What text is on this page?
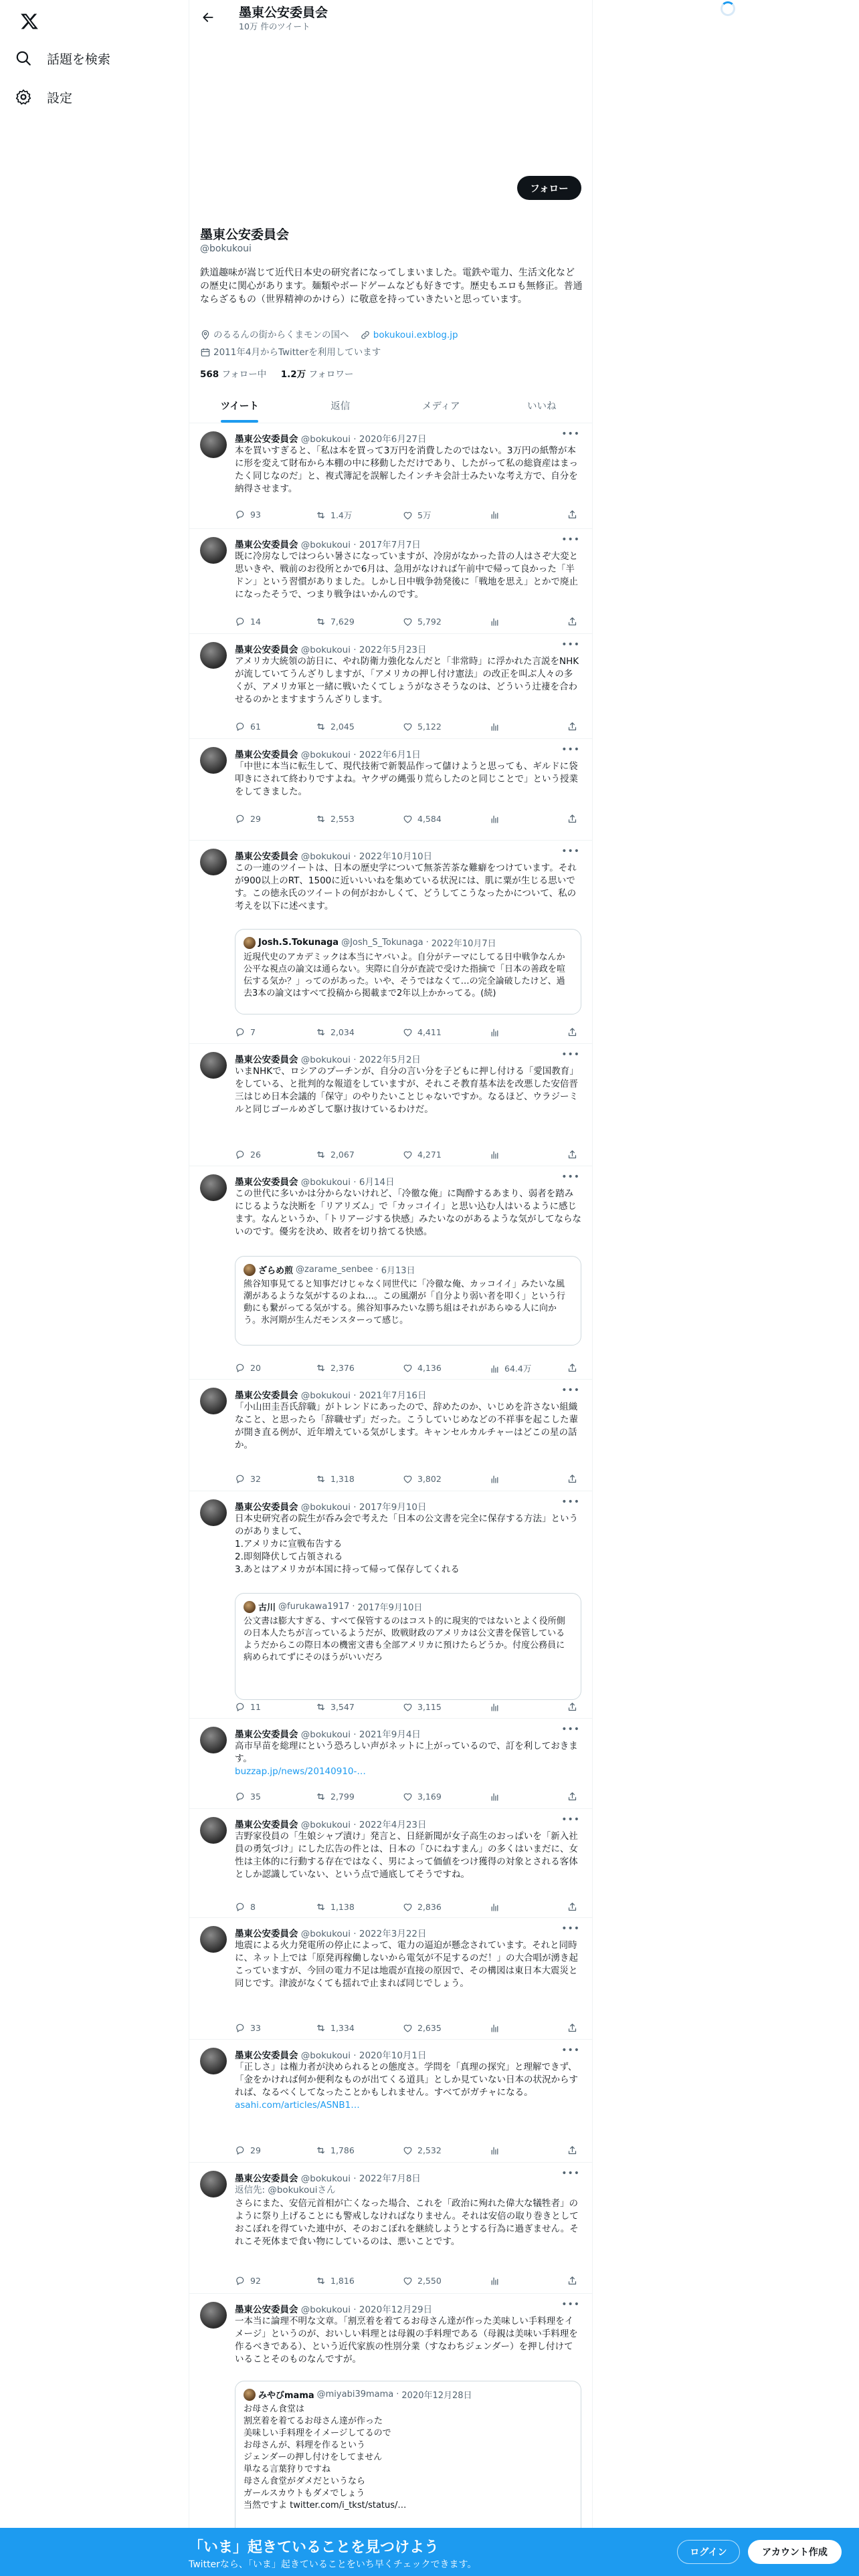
話題を検索
設定
墨東公安委員会
10万 件のツイート
フォロー
墨東公安委員会
@bokukoui
鉄道趣味が嵩じて近代日本史の研究者になってしまいました。電鉄や電力、生活文化などの歴史に関心があります。麺類やボードゲームなども好きです。歴史もエロも無修正。普通ならざるもの（世界精神のかけら）に敬意を持っていきたいと思っています。
のるるんの街からくまモンの国へ
	bokukoui.exblog.jp

2011年4月からTwitterを利用しています
568 フォロー中 1.2万 フォロワー
ツイート	返信	メディア	いいね
墨東公安委員会 @bokukoui · 2020年6月27日	•••
本を買いすぎると、「私は本を買って3万円を消費したのではない。3万円の紙幣が本に形を変えて財布から本棚の中に移動しただけであり、したがって私の総資産はまったく同じなのだ」と、複式簿記を誤解したインチキ会計士みたいな考え方で、自分を納得させます。
93	1.4万	5万
墨東公安委員会 @bokukoui · 2017年7月7日	•••
既に冷房なしではつらい暑さになっていますが、冷房がなかった昔の人はさぞ大変と思いきや、戦前のお役所とかで6月は、急用がなければ午前中で帰って良かった「半ドン」という習慣がありました。しかし日中戦争勃発後に「戦地を思え」とかで廃止になったそうで、つまり戦争はいかんのです。
14	7,629	5,792
墨東公安委員会 @bokukoui · 2022年5月23日	•••
アメリカ大統領の訪日に、やれ防衛力強化なんだと「非常時」に浮かれた言説をNHKが流していてうんざりしますが、「アメリカの押し付け憲法」の改正を叫ぶ人々の多くが、アメリカ軍と一緒に戦いたくてしょうがなさそうなのは、どういう辻褄を合わせるのかとますますうんざりします。
61	2,045	5,122
墨東公安委員会 @bokukoui · 2022年6月1日	•••
「中世に本当に転生して、現代技術で新製品作って儲けようと思っても、ギルドに袋叩きにされて終わりですよね。ヤクザの縄張り荒らしたのと同じことで」という授業をしてきました。
29	2,553	4,584
墨東公安委員会 @bokukoui · 2022年10月10日	•••
この一連のツイートは、日本の歴史学について無茶苦茶な難癖をつけています。それが900以上のRT、1500に近いいいねを集めている状況には、肌に粟が生じる思いです。この徳永氏のツイートの何がおかしくて、どうしてこうなったかについて、私の考えを以下に述べます。
Josh.S.Tokunaga @Josh_S_Tokunaga · 2022年10月7日
近現代史のアカデミックは本当にヤバいよ。自分がテーマにしてる日中戦争なんか公平な視点の論文は通らない。実際に自分が査読で受けた指摘で「日本の善政を喧伝する気か？」ってのがあった。いや、そうではなくて…の完全論破したけど、過去3本の論文はすべて投稿から掲載まで2年以上かかってる。(続)
7	2,034	4,411
墨東公安委員会 @bokukoui · 2022年5月2日	•••
いまNHKで、ロシアのプーチンが、自分の言い分を子どもに押し付ける「愛国教育」をしている、と批判的な報道をしていますが、それこそ教育基本法を改悪した安倍晋三はじめ日本会議的「保守」のやりたいことじゃないですか。なるほど、ウラジーミルと同じゴールめざして駆け抜けているわけだ。
26	2,067	4,271
墨東公安委員会 @bokukoui · 6月14日	•••
この世代に多いかは分からないけれど、「冷徹な俺」に陶酔するあまり、弱者を踏みにじるような決断を「リアリズム」で「カッコイイ」と思い込む人はいるように感じます。なんというか、「トリアージする快感」みたいなのがあるような気がしてならないのです。優劣を決め、敗者を切り捨てる快感。
ざらめ煎 @zarame_senbee · 6月13日
熊谷知事見てると知事だけじゃなく同世代に「冷徹な俺、カッコイイ」みたいな風潮があるような気がするのよね…。この風潮が「自分より弱い者を叩く」という行動にも繋がってる気がする。熊谷知事みたいな勝ち組はそれがあらゆる人に向かう。氷河期が生んだモンスターって感じ。
20	2,376	4,136	64.4万
墨東公安委員会 @bokukoui · 2021年7月16日	•••
「小山田圭吾氏辞職」がトレンドにあったので、辞めたのか、いじめを許さない組織なこと、と思ったら「辞職せず」だった。こうしていじめなどの不祥事を起こした輩が開き直る例が、近年増えている気がします。キャンセルカルチャーはどこの星の話か。
32	1,318	3,802
墨東公安委員会 @bokukoui · 2017年9月10日	•••
日本史研究者の院生が呑み会で考えた「日本の公文書を完全に保存する方法」というのがありまして、
1.アメリカに宣戦布告する
2.即刻降伏して占領される
3.あとはアメリカが本国に持って帰って保存してくれる
古川 @furukawa1917 · 2017年9月10日
公文書は膨大すぎる、すべて保管するのはコスト的に現実的ではないとよく役所側の日本人たちが言っているようだが、敗戦財政のアメリカは公文書を保管しているようだからこの際日本の機密文書も全部アメリカに預けたらどうか。付度公務員に病められてずにそのほうがいいだろ
11	3,547	3,115
墨東公安委員会 @bokukoui · 2021年9月4日	•••
高市早苗を総理にという恐ろしい声がネットに上がっているので、訂を利しておきます。
buzzap.jp/news/20140910-…
35	2,799	3,169
墨東公安委員会 @bokukoui · 2022年4月23日	•••
吉野家役員の「生娘シャブ漬け」発言と、日経新聞が女子高生のおっぱいを「新入社員の勇気づけ」にした広告の件とは、日本の「ひにねすまん」の多くはいまだに、女性は主体的に行動する存在ではなく、男によって価値をつけ獲得の対象とされる客体としか認識していない、という点で通底してそうですね。
8	1,138	2,836
墨東公安委員会 @bokukoui · 2022年3月22日	•••
地震による火力発電所の停止によって、電力の逼迫が懸念されています。それと同時に、ネット上では「原発再稼働しないから電気が不足するのだ！」の大合唱が湧き起こっていますが、今回の電力不足は地震が直接の原因で、その構図は東日本大震災と同じです。津波がなくても揺れで止まれば同じでしょう。
33	1,334	2,635
墨東公安委員会 @bokukoui · 2020年10月1日	•••
「正しさ」は権力者が決められるとの態度さ。学問を「真理の探究」と理解できず、「金をかければ何か便利なものが出てくる道具」としか見ていない日本の状況からすれば、なるべくしてなったことかもしれません。すべてがガチャになる。
asahi.com/articles/ASNB1…
29	1,786	2,532
墨東公安委員会 @bokukoui · 2022年7月8日	•••
返信先: @bokukouiさん
さらにまた、安倍元首相が亡くなった場合、これを「政治に殉れた偉大な犠牲者」のように祭り上げることにも警戒しなければなりません。それは安倍の取り巻きとしておこぼれを得ていた連中が、そのおこぼれを継続しようとする行為に過ぎません。それこそ死体まで食い物にしているのは、悪いことです。
92	1,816	2,550
墨東公安委員会 @bokukoui · 2020年12月29日	•••
一本当に論理不明な文章。「割烹着を着てるお母さん達が作った美味しい手料理をイメージ」というのが、おいしい料理とは母親の手料理である（母親は美味い手料理を作るべきである）、という近代家族の性別分業（すなわちジェンダー）を押し付けていることそのものなんですが。
みやびmama @miyabi39mama · 2020年12月28日
お母さん食堂は
割烹着を着てるお母さん達が作った
美味しい手料理をイメージしてるので
お母さんが、料理を作るという
ジェンダーの押し付けをしてません
単なる言葉狩りですね
母さん食堂がダメだというなら
ガールスカウトもダメでしょう
当然ですよ twitter.com/i_tkst/status/…
「いま」起きていることを見つけよう
Twitterなら、「いま」起きていることをいち早くチェックできます。
ログイン	アカウント作成
